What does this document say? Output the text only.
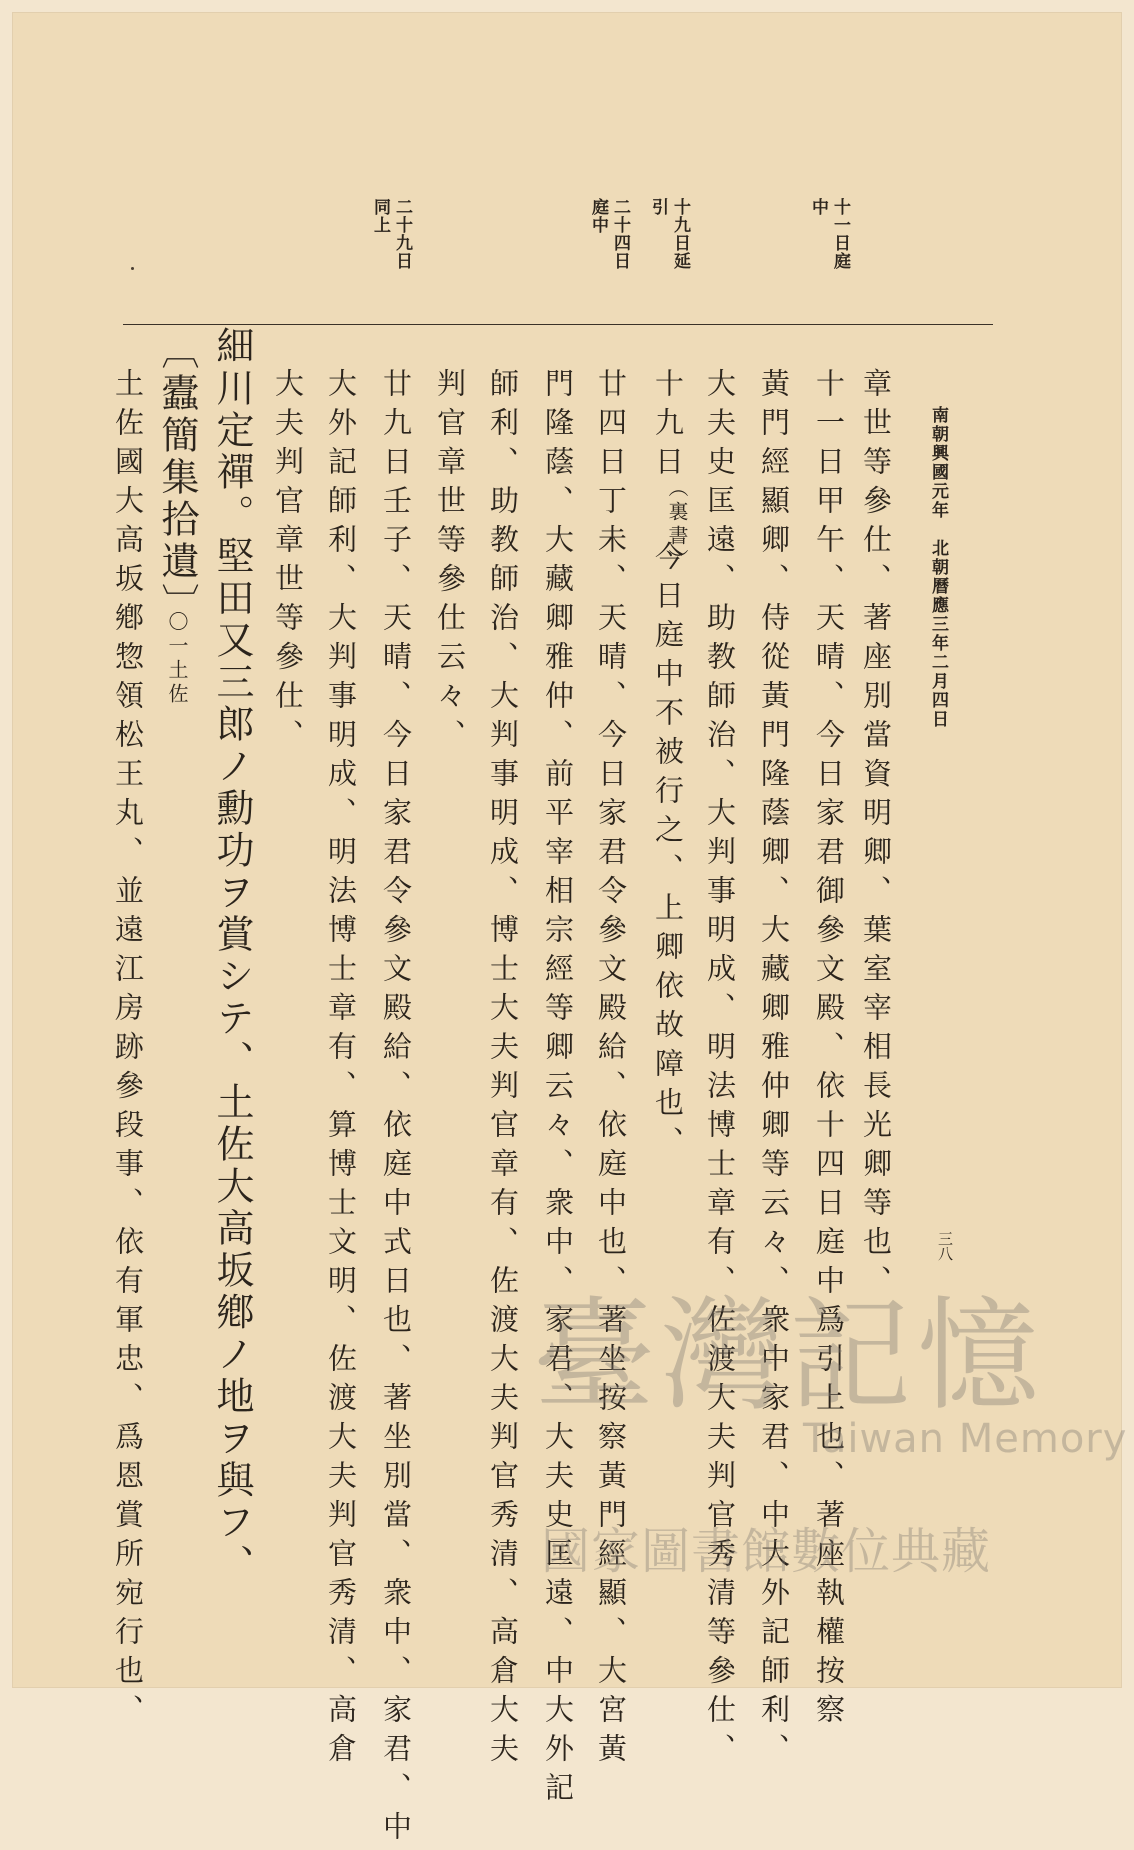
南朝興國元年　北朝曆應三年二月四日
三八
十一日庭
中
十九日延
引
二十四日
庭中
二十九日
同上
章世等參仕、著座別當資明卿、葉室宰相長光卿等也、
十一日甲午、天晴、今日家君御參文殿、依十四日庭中爲引上也、著座執權按察
黃門經顯卿、侍從黃門隆蔭卿、大藏卿雅仲卿等云々、衆中家君、中大外記師利、
大夫史匡遠、助教師治、大判事明成、明法博士章有、佐渡大夫判官秀清等參仕、
十九日
（裏書）
今日庭中不被行之、上卿依故障也、
廿四日丁未、天晴、今日家君令參文殿給、依庭中也、著坐按察黃門經顯、大宮黃
門隆蔭、大藏卿雅仲、前平宰相宗經等卿云々、衆中、家君、大夫史匡遠、中大外記
師利、助教師治、大判事明成、博士大夫判官章有、佐渡大夫判官秀清、高倉大夫
判官章世等參仕云々、
廿九日壬子、天晴、今日家君令參文殿給、依庭中式日也、著坐別當、衆中、家君、中
大外記師利、大判事明成、明法博士章有、算博士文明、佐渡大夫判官秀清、高倉
大夫判官章世等參仕、
細川定禪。堅田又三郎ノ勳功ヲ賞シテ、土佐大高坂鄕ノ地ヲ與フ、
〔蠹簡集拾遺〕
〇一土佐
土佐國大高坂鄕惣領松王丸、並遠江房跡參段事、依有軍忠、爲恩賞所宛行也、	臺灣記憶
Taiwan Memory
國家圖書館數位典藏
